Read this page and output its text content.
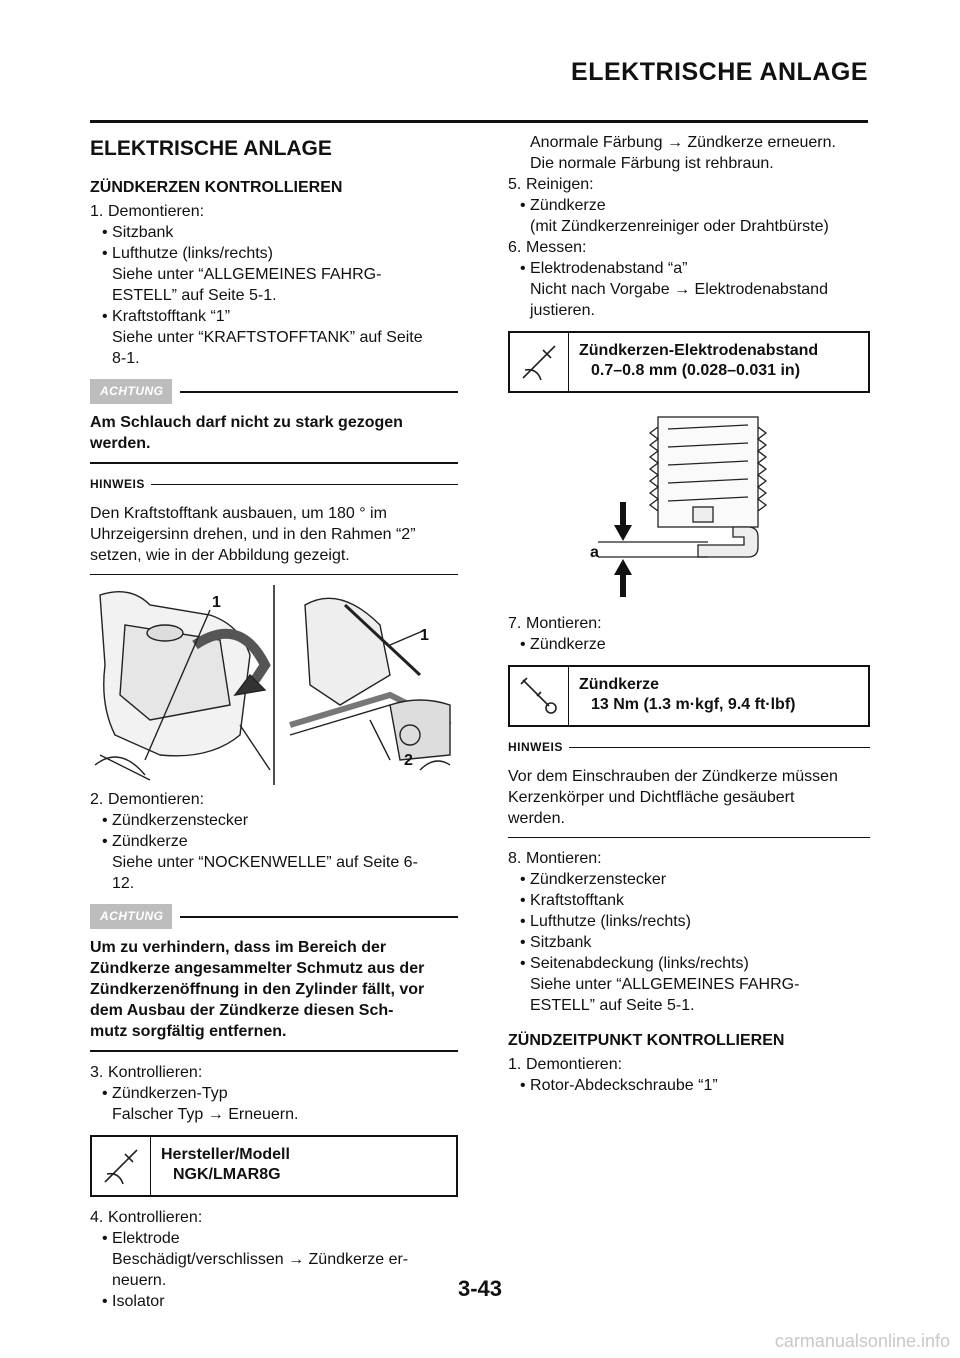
ELEKTRISCHE ANLAGE
ELEKTRISCHE ANLAGE
ZÜNDKERZEN KONTROLLIEREN
1. Demontieren:
• Sitzbank
• Lufthutze (links/rechts)
Siehe unter “ALLGEMEINES FAHRG-
ESTELL” auf Seite 5-1.
• Kraftstofftank “1”
Siehe unter “KRAFTSTOFFTANK” auf Seite
8-1.
ACHTUNG
Am Schlauch darf nicht zu stark gezogen
werden.
HINWEIS
Den Kraftstofftank ausbauen, um 180 ° im
Uhrzeigersinn drehen, und in den Rahmen “2”
setzen, wie in der Abbildung gezeigt.
1
1
2
2. Demontieren:
• Zündkerzenstecker
• Zündkerze
Siehe unter “NOCKENWELLE” auf Seite 6-
12.
ACHTUNG
Um zu verhindern, dass im Bereich der
Zündkerze angesammelter Schmutz aus der
Zündkerzenöffnung in den Zylinder fällt, vor
dem Ausbau der Zündkerze diesen Sch-
mutz sorgfältig entfernen.
3. Kontrollieren:
• Zündkerzen-Typ
Falscher Typ → Erneuern.
Hersteller/Modell
NGK/LMAR8G
4. Kontrollieren:
• Elektrode
Beschädigt/verschlissen → Zündkerze er-
neuern.
• Isolator
Anormale Färbung → Zündkerze erneuern.
Die normale Färbung ist rehbraun.
5. Reinigen:
• Zündkerze
(mit Zündkerzenreiniger oder Drahtbürste)
6. Messen:
• Elektrodenabstand “a”
Nicht nach Vorgabe → Elektrodenabstand
justieren.
Zündkerzen-Elektrodenabstand
0.7–0.8 mm (0.028–0.031 in)
a
7. Montieren:
• Zündkerze
Zündkerze
13 Nm (1.3 m·kgf, 9.4 ft·lbf)
HINWEIS
Vor dem Einschrauben der Zündkerze müssen
Kerzenkörper und Dichtfläche gesäubert
werden.
8. Montieren:
• Zündkerzenstecker
• Kraftstofftank
• Lufthutze (links/rechts)
• Sitzbank
• Seitenabdeckung (links/rechts)
Siehe unter “ALLGEMEINES FAHRG-
ESTELL” auf Seite 5-1.
ZÜNDZEITPUNKT KONTROLLIEREN
1. Demontieren:
• Rotor-Abdeckschraube “1”
3-43
carmanualsonline.info
